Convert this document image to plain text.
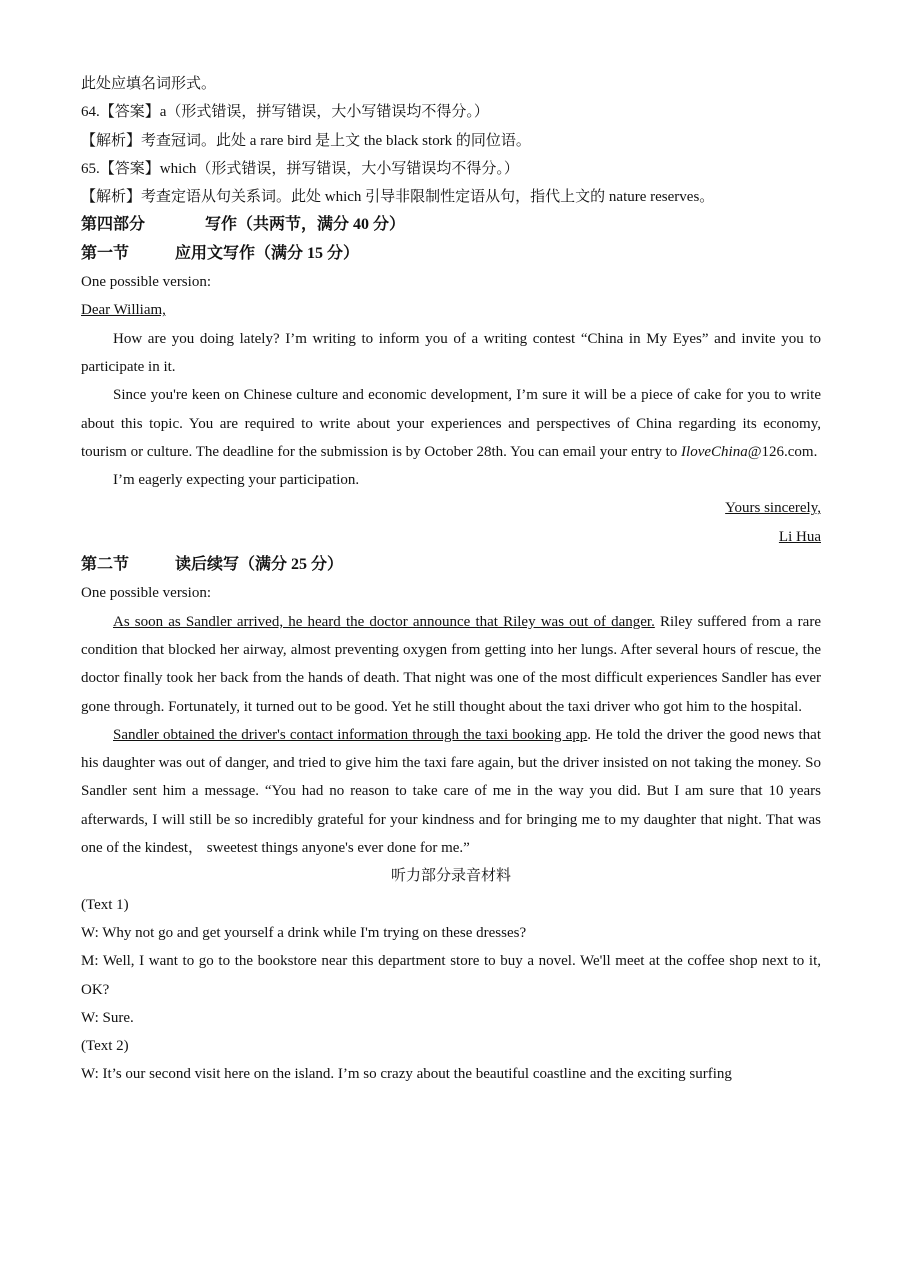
此处应填名词形式。
64.【答案】a（形式错误，拼写错误，大小写错误均不得分。）
【解析】考查冠词。此处 a rare bird 是上文 the black stork 的同位语。
65.【答案】which（形式错误，拼写错误，大小写错误均不得分。）
【解析】考查定语从句关系词。此处 which 引导非限制性定语从句，指代上文的 nature reserves。
第四部分	写作（共两节，满分 40 分）
第一节	应用文写作（满分 15 分）
One possible version:
Dear William,
How are you doing lately? I’m writing to inform you of a writing contest “China in My Eyes” and invite you to participate in it.
Since you're keen on Chinese culture and economic development, I’m sure it will be a piece of cake for you to write about this topic. You are required to write about your experiences and perspectives of China regarding its economy, tourism or culture. The deadline for the submission is by October 28th. You can email your entry to IloveChina@126.com.
I’m eagerly expecting your participation.
Yours sincerely,
Li Hua
第二节	读后续写（满分 25 分）
One possible version:
As soon as Sandler arrived, he heard the doctor announce that Riley was out of danger. Riley suffered from a rare condition that blocked her airway, almost preventing oxygen from getting into her lungs. After several hours of rescue, the doctor finally took her back from the hands of death. That night was one of the most difficult experiences Sandler has ever gone through. Fortunately, it turned out to be good. Yet he still thought about the taxi driver who got him to the hospital.
Sandler obtained the driver's contact information through the taxi booking app. He told the driver the good news that his daughter was out of danger, and tried to give him the taxi fare again, but the driver insisted on not taking the money. So Sandler sent him a message. “You had no reason to take care of me in the way you did. But I am sure that 10 years afterwards, I will still be so incredibly grateful for your kindness and for bringing me to my daughter that night. That was one of the kindest， sweetest things anyone's ever done for me.”
听力部分录音材料
(Text 1)
W: Why not go and get yourself a drink while I'm trying on these dresses?
M: Well, I want to go to the bookstore near this department store to buy a novel. We'll meet at the coffee shop next to it, OK?
W: Sure.
(Text 2)
W: It’s our second visit here on the island. I’m so crazy about the beautiful coastline and the exciting surfing
